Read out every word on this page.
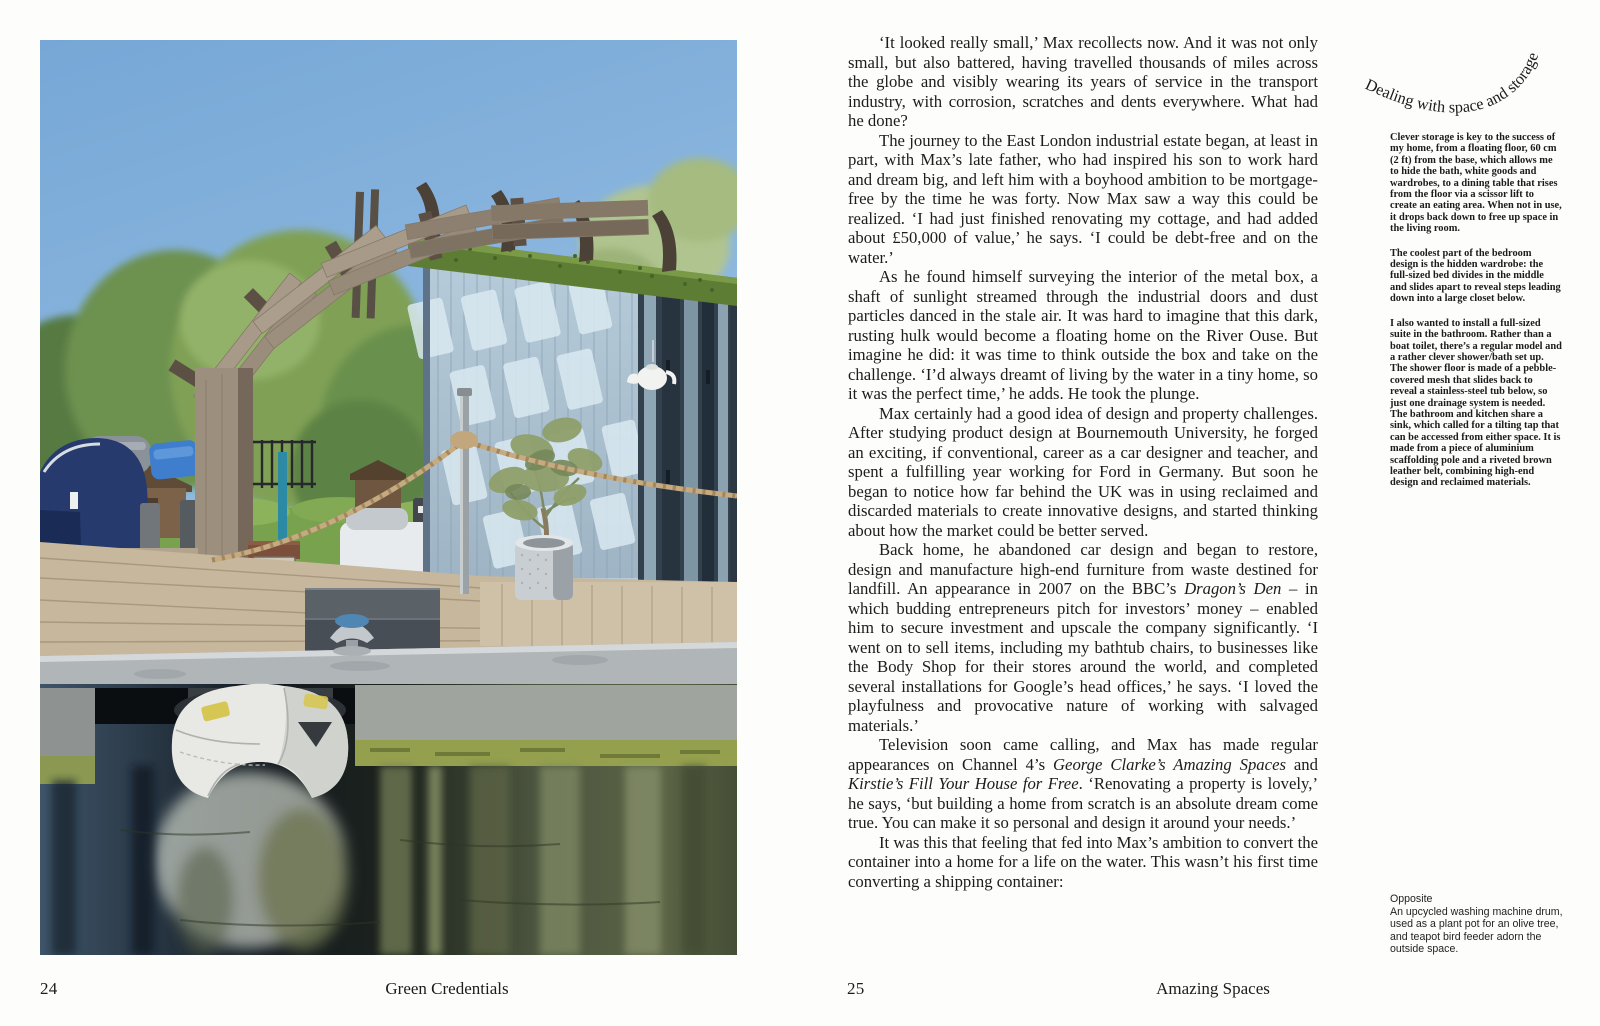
24	Green Credentials

‘It looked really small,’ Max recollects now. And it was not only small, but also battered, having travelled thousands of miles across the globe and visibly wearing its years of service in the transport industry, with corrosion, scratches and dents everywhere. What had he done?

The journey to the East London industrial estate began, at least in part, with Max’s late father, who had inspired his son to work hard and dream big, and left him with a boyhood ambition to be mortgage-free by the time he was forty. Now Max saw a way this could be realized. ‘I had just finished renovating my cottage, and had added about £50,000 of value,’ he says. ‘I could be debt-free and on the water.’

As he found himself surveying the interior of the metal box, a shaft of sunlight streamed through the industrial doors and dust particles danced in the stale air. It was hard to imagine that this dark, rusting hulk would become a floating home on the River Ouse. But imagine he did: it was time to think outside the box and take on the challenge. ‘I’d always dreamt of living by the water in a tiny home, so it was the perfect time,’ he adds. He took the plunge.

Max certainly had a good idea of design and property challenges. After studying product design at Bournemouth University, he forged an exciting, if conventional, career as a car designer and teacher, and spent a fulfilling year working for Ford in Germany. But soon he began to notice how far behind the UK was in using reclaimed and discarded materials to create innovative designs, and started thinking about how the market could be better served.

Back home, he abandoned car design and began to restore, design and manufacture high-end furniture from waste destined for landfill. An appearance in 2007 on the BBC’s Dragon’s Den – in which budding entrepreneurs pitch for investors’ money – enabled him to secure investment and upscale the company significantly. ‘I went on to sell items, including my bathtub chairs, to businesses like the Body Shop for their stores around the world, and completed several installations for Google’s head offices,’ he says. ‘I loved the playfulness and provocative nature of working with salvaged materials.’

Television soon came calling, and Max has made regular appearances on Channel 4’s George Clarke’s Amazing Spaces and Kirstie’s Fill Your House for Free. ‘Renovating a property is lovely,’ he says, ‘but building a home from scratch is an absolute dream come true. You can make it so personal and design it around your needs.’

It was this that feeling that fed into Max’s ambition to convert the container into a home for a life on the water. This wasn’t his first time converting a shipping container:

Dealing with space and storage

Clever storage is key to the success of my home, from a floating floor, 60 cm (2 ft) from the base, which allows me to hide the bath, white goods and wardrobes, to a dining table that rises from the floor via a scissor lift to create an eating area. When not in use, it drops back down to free up space in the living room.

The coolest part of the bedroom design is the hidden wardrobe: the full-sized bed divides in the middle and slides apart to reveal steps leading down into a large closet below.

I also wanted to install a full-sized suite in the bathroom. Rather than a boat toilet, there’s a regular model and a rather clever shower/bath set up. The shower floor is made of a pebble-covered mesh that slides back to reveal a stainless-steel tub below, so just one drainage system is needed. The bathroom and kitchen share a sink, which called for a tilting tap that can be accessed from either space. It is made from a piece of aluminium scaffolding pole and a riveted brown leather belt, combining high-end design and reclaimed materials.

Opposite
An upcycled washing machine drum, used as a plant pot for an olive tree, and teapot bird feeder adorn the outside space.
25	Amazing Spaces
